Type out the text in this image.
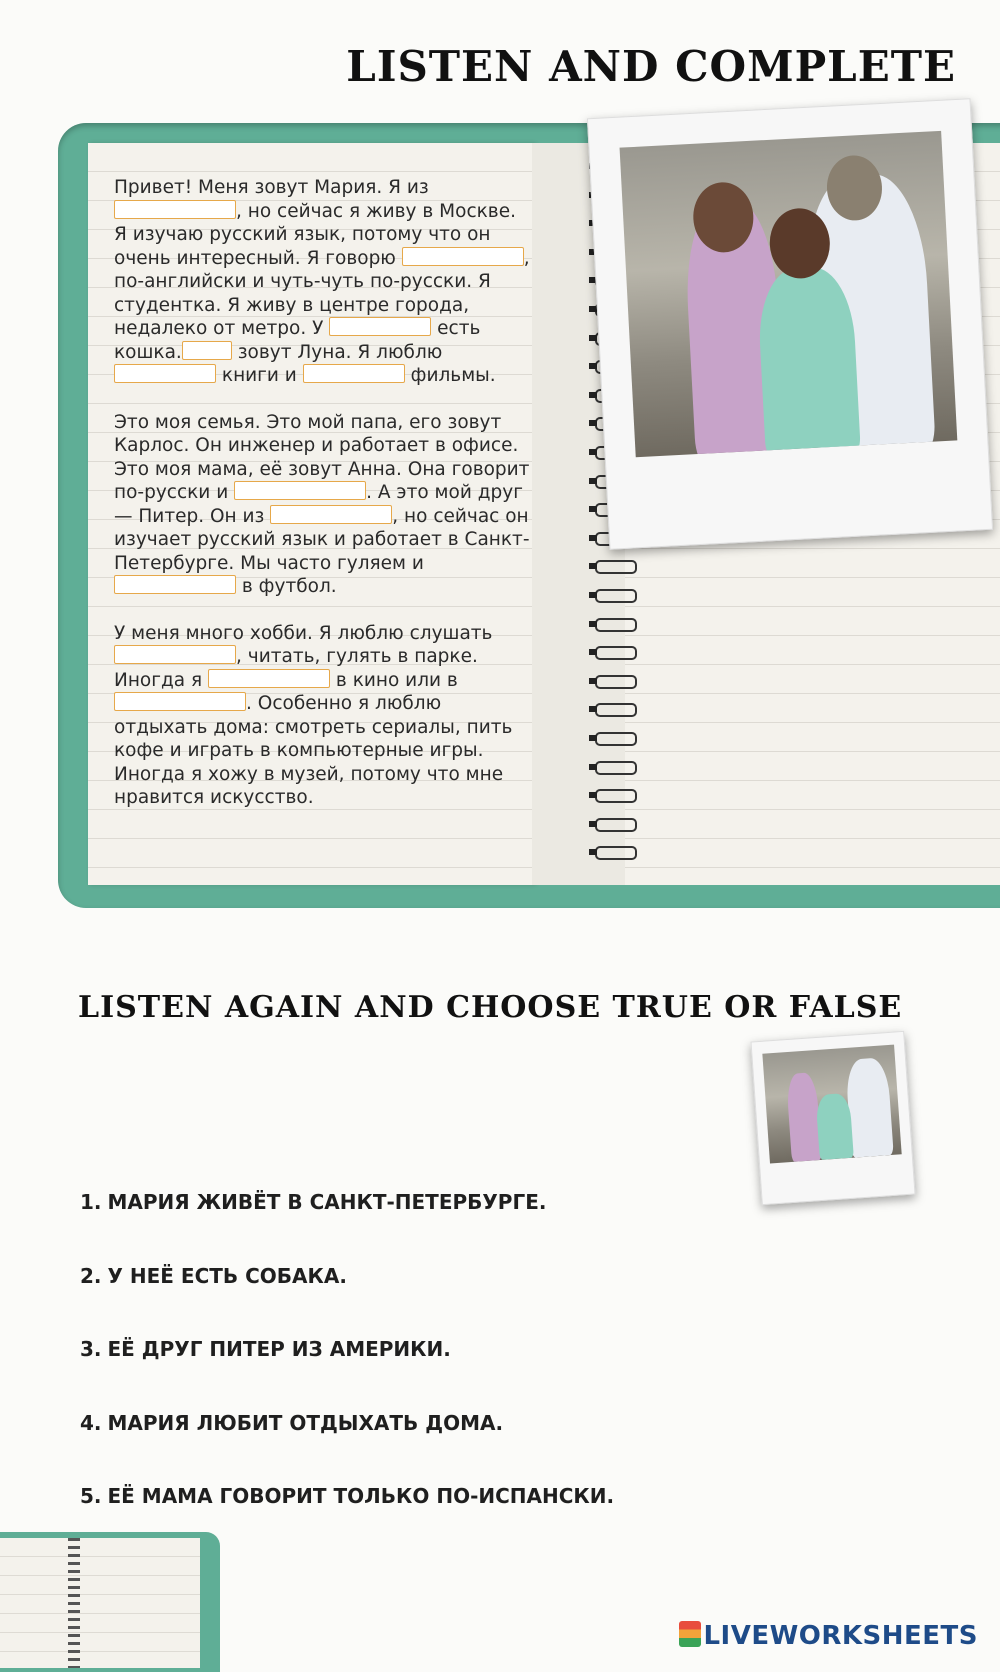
LISTEN AND COMPLETE

Привет! Меня зовут Мария. Я из , но сейчас я живу в Москве. Я изучаю русский язык, потому что он очень интересный. Я говорю	, по-английски и чуть-чуть по-русски. Я студентка. Я живу в центре города, недалеко от метро. У	есть кошка.	зовут Луна. Я люблю  книги и	фильмы.

Это моя семья. Это мой папа, его зовут Карлос. Он инженер и работает в офисе. Это моя мама, её зовут Анна. Она говорит по-русски и	. А это мой друг — Питер. Он из	, но сейчас он изучает русский язык и работает в Санкт-Петербурге. Мы часто гуляем и  в футбол.

У меня много хобби. Я люблю слушать , читать, гулять в парке. Иногда я	в кино или в . Особенно я люблю отдыхать дома: смотреть сериалы, пить кофе и играть в компьютерные игры. Иногда я хожу в музей, потому что мне нравится искусство.

LISTEN AGAIN AND CHOOSE TRUE OR FALSE
1. МАРИЯ ЖИВЁТ В САНКТ-ПЕТЕРБУРГЕ.
2. У НЕЁ ЕСТЬ СОБАКА.
3. ЕЁ ДРУГ ПИТЕР ИЗ АМЕРИКИ.
4. МАРИЯ ЛЮБИТ ОТДЫХАТЬ ДОМА.
5. ЕЁ МАМА ГОВОРИТ ТОЛЬКО ПО-ИСПАНСКИ.
LIVEWORKSHEETS
